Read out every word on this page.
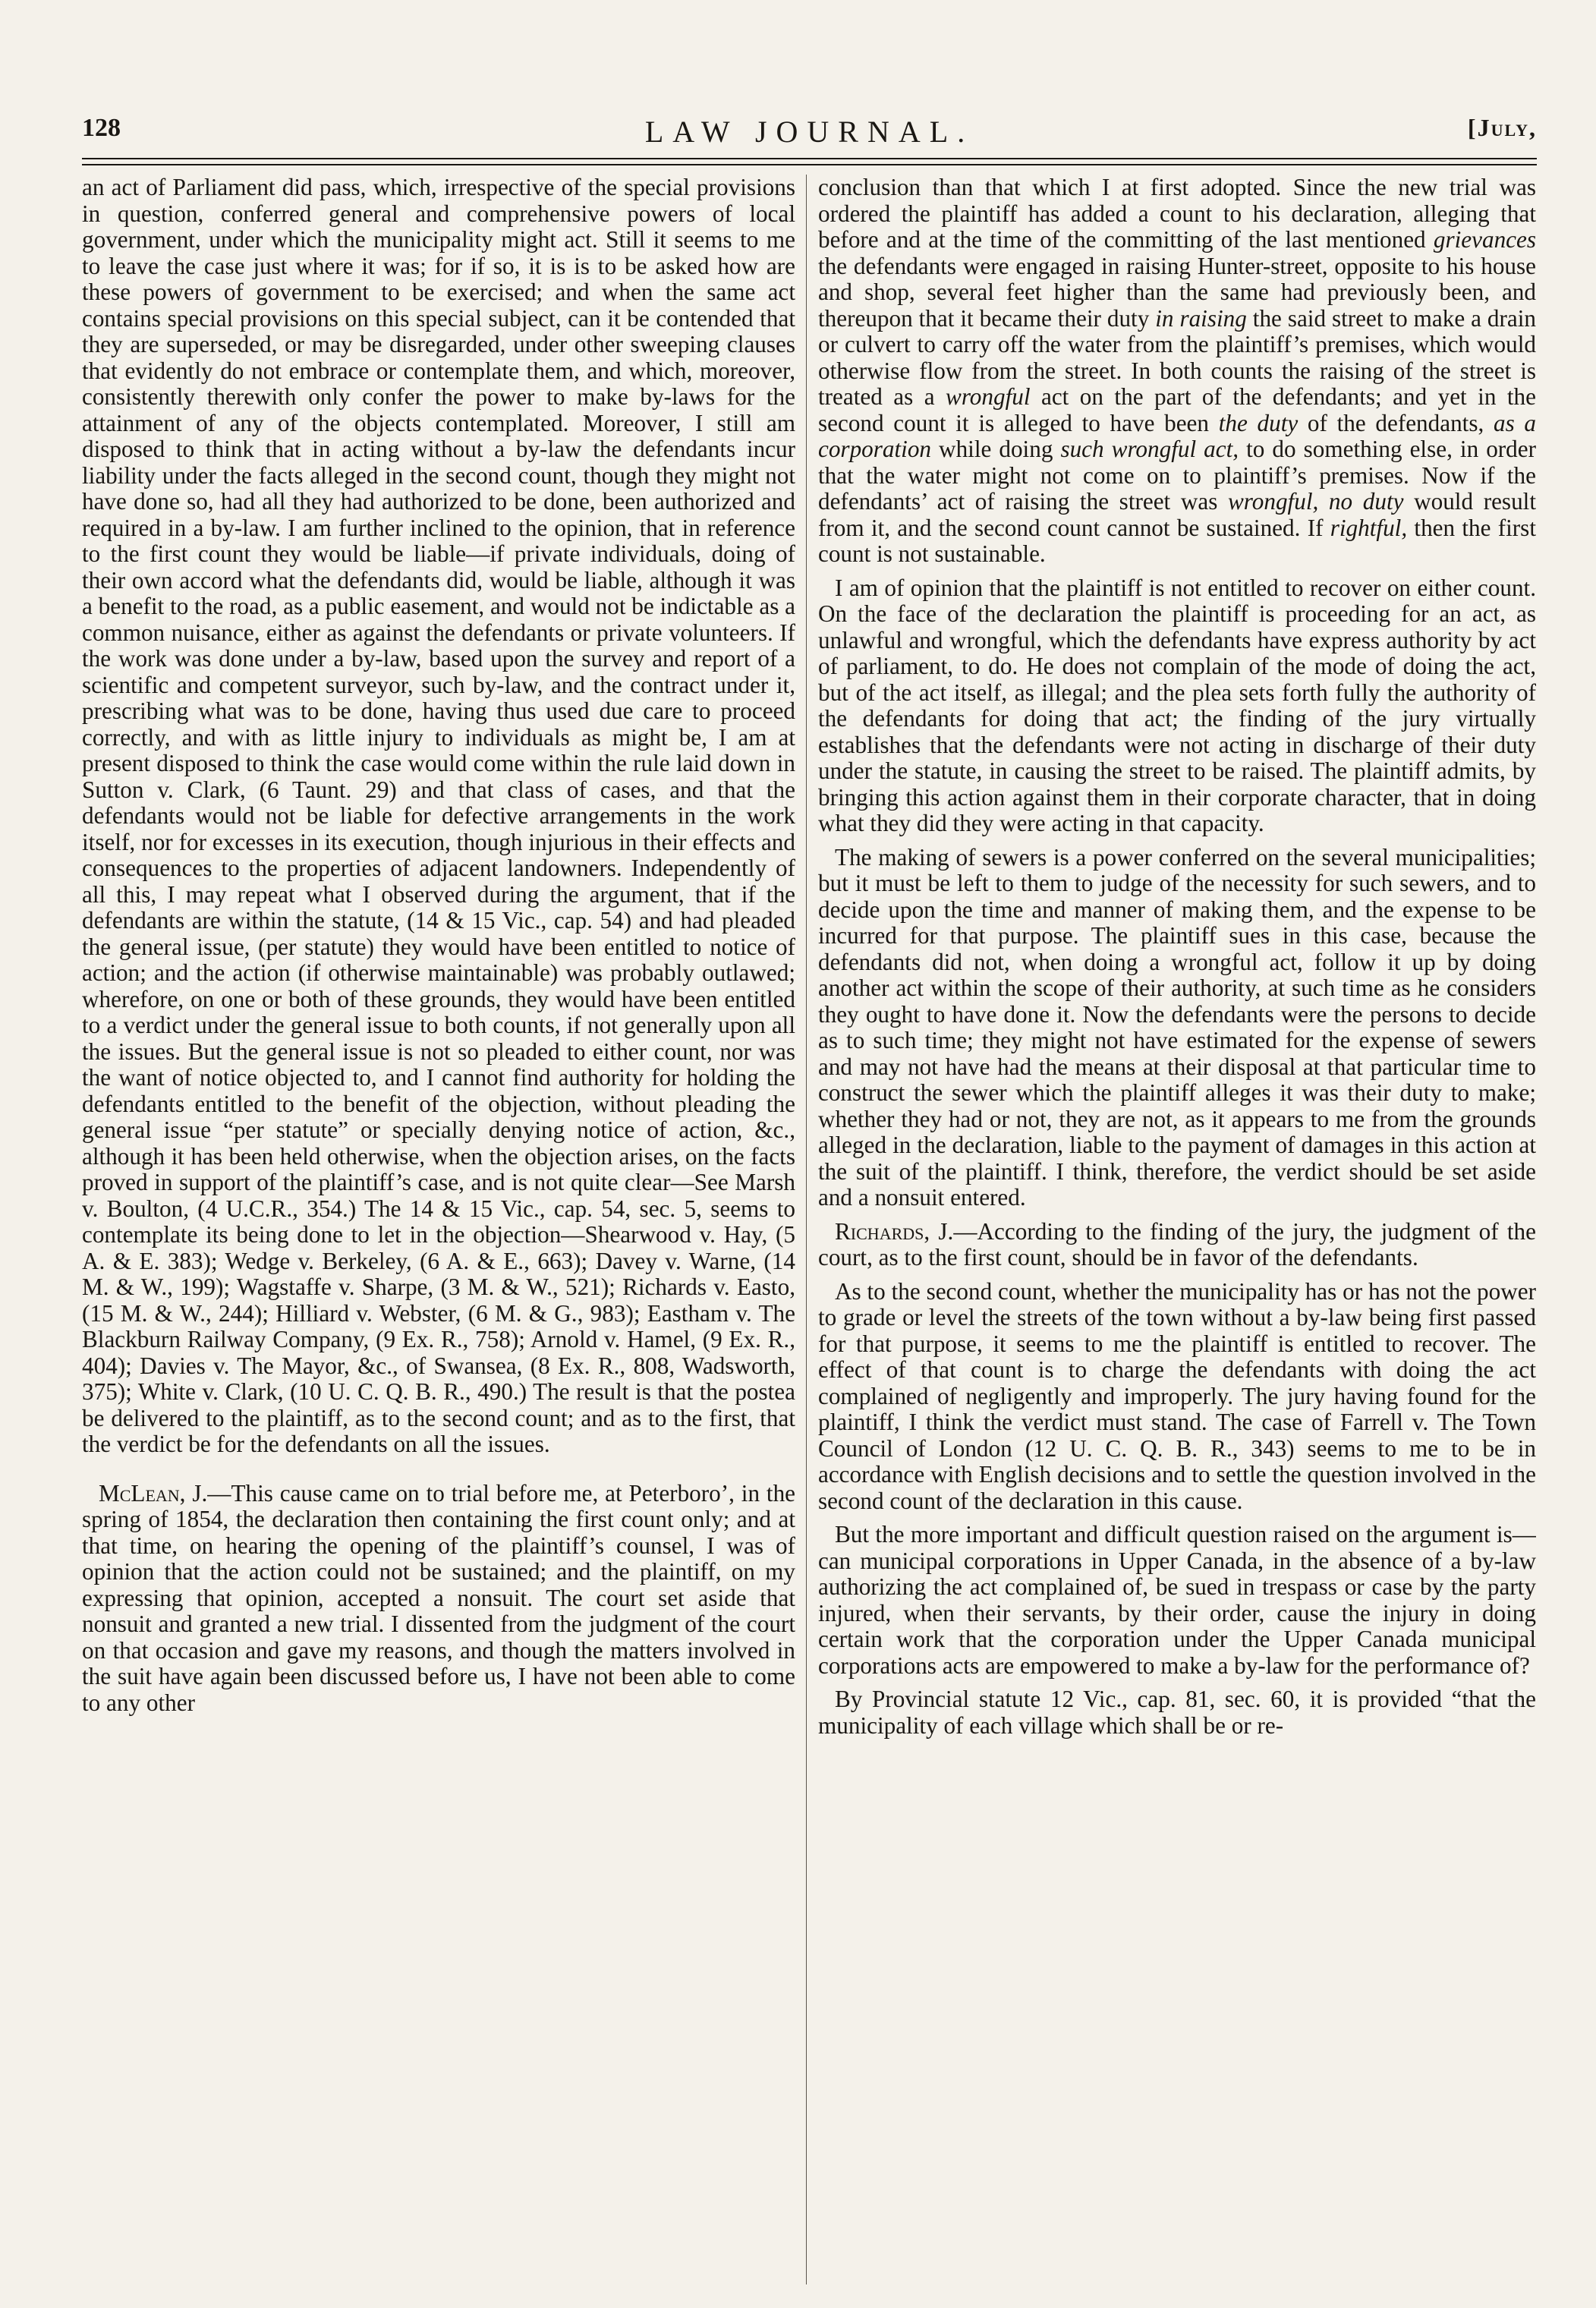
128	LAW JOURNAL.	[July,

an act of Parliament did pass, which, irrespective of the special provisions in question, conferred general and comprehensive powers of local government, under which the municipality might act. Still it seems to me to leave the case just where it was; for if so, it is is to be asked how are these powers of government to be exercised; and when the same act contains special provisions on this special subject, can it be contended that they are superseded, or may be disregarded, under other sweeping clauses that evidently do not embrace or contemplate them, and which, moreover, consistently therewith only confer the power to make by-laws for the attainment of any of the objects contemplated. Moreover, I still am disposed to think that in acting without a by-law the defendants incur liability under the facts alleged in the second count, though they might not have done so, had all they had authorized to be done, been authorized and required in a by-law. I am further inclined to the opinion, that in reference to the first count they would be liable—if private individuals, doing of their own accord what the defendants did, would be liable, although it was a benefit to the road, as a public easement, and would not be indictable as a common nuisance, either as against the defendants or private volunteers. If the work was done under a by-law, based upon the survey and report of a scientific and competent surveyor, such by-law, and the contract under it, prescribing what was to be done, having thus used due care to proceed correctly, and with as little injury to individuals as might be, I am at present disposed to think the case would come within the rule laid down in Sutton v. Clark, (6 Taunt. 29) and that class of cases, and that the defendants would not be liable for defective arrangements in the work itself, nor for excesses in its execution, though injurious in their effects and consequences to the properties of adjacent landowners. Independently of all this, I may repeat what I observed during the argument, that if the defendants are within the statute, (14 & 15 Vic., cap. 54) and had pleaded the general issue, (per statute) they would have been entitled to notice of action; and the action (if otherwise maintainable) was probably outlawed; wherefore, on one or both of these grounds, they would have been entitled to a verdict under the general issue to both counts, if not generally upon all the issues. But the general issue is not so pleaded to either count, nor was the want of notice objected to, and I cannot find authority for holding the defendants entitled to the benefit of the objection, without pleading the general issue “per statute” or specially denying notice of action, &c., although it has been held otherwise, when the objection arises, on the facts proved in support of the plaintiff’s case, and is not quite clear—See Marsh v. Boulton, (4 U.C.R., 354.) The 14 & 15 Vic., cap. 54, sec. 5, seems to contemplate its being done to let in the objection—Shearwood v. Hay, (5 A. & E. 383); Wedge v. Berkeley, (6 A. & E., 663); Davey v. Warne, (14 M. & W., 199); Wagstaffe v. Sharpe, (3 M. & W., 521); Richards v. Easto, (15 M. & W., 244); Hilliard v. Webster, (6 M. & G., 983); Eastham v. The Blackburn Railway Company, (9 Ex. R., 758); Arnold v. Hamel, (9 Ex. R., 404); Davies v. The Mayor, &c., of Swansea, (8 Ex. R., 808, Wadsworth, 375); White v. Clark, (10 U. C. Q. B. R., 490.) The result is that the postea be delivered to the plaintiff, as to the second count; and as to the first, that the verdict be for the defendants on all the issues.

McLean, J.—This cause came on to trial before me, at Peterboro’, in the spring of 1854, the declaration then containing the first count only; and at that time, on hearing the opening of the plaintiff’s counsel, I was of opinion that the action could not be sustained; and the plaintiff, on my expressing that opinion, accepted a nonsuit. The court set aside that nonsuit and granted a new trial. I dissented from the judgment of the court on that occasion and gave my reasons, and though the matters involved in the suit have again been discussed before us, I have not been able to come to any other

conclusion than that which I at first adopted. Since the new trial was ordered the plaintiff has added a count to his declaration, alleging that before and at the time of the committing of the last mentioned grievances the defendants were engaged in raising Hunter-street, opposite to his house and shop, several feet higher than the same had previously been, and thereupon that it became their duty in raising the said street to make a drain or culvert to carry off the water from the plaintiff’s premises, which would otherwise flow from the street. In both counts the raising of the street is treated as a wrongful act on the part of the defendants; and yet in the second count it is alleged to have been the duty of the defendants, as a corporation while doing such wrongful act, to do something else, in order that the water might not come on to plaintiff’s premises. Now if the defendants’ act of raising the street was wrongful, no duty would result from it, and the second count cannot be sustained. If rightful, then the first count is not sustainable.

I am of opinion that the plaintiff is not entitled to recover on either count. On the face of the declaration the plaintiff is proceeding for an act, as unlawful and wrongful, which the defendants have express authority by act of parliament, to do. He does not complain of the mode of doing the act, but of the act itself, as illegal; and the plea sets forth fully the authority of the defendants for doing that act; the finding of the jury virtually establishes that the defendants were not acting in discharge of their duty under the statute, in causing the street to be raised. The plaintiff admits, by bringing this action against them in their corporate character, that in doing what they did they were acting in that capacity.

The making of sewers is a power conferred on the several municipalities; but it must be left to them to judge of the necessity for such sewers, and to decide upon the time and manner of making them, and the expense to be incurred for that purpose. The plaintiff sues in this case, because the defendants did not, when doing a wrongful act, follow it up by doing another act within the scope of their authority, at such time as he considers they ought to have done it. Now the defendants were the persons to decide as to such time; they might not have estimated for the expense of sewers and may not have had the means at their disposal at that particular time to construct the sewer which the plaintiff alleges it was their duty to make; whether they had or not, they are not, as it appears to me from the grounds alleged in the declaration, liable to the payment of damages in this action at the suit of the plaintiff. I think, therefore, the verdict should be set aside and a nonsuit entered.

Richards, J.—According to the finding of the jury, the judgment of the court, as to the first count, should be in favor of the defendants.

As to the second count, whether the municipality has or has not the power to grade or level the streets of the town without a by-law being first passed for that purpose, it seems to me the plaintiff is entitled to recover. The effect of that count is to charge the defendants with doing the act complained of negligently and improperly. The jury having found for the plaintiff, I think the verdict must stand. The case of Farrell v. The Town Council of London (12 U. C. Q. B. R., 343) seems to me to be in accordance with English decisions and to settle the question involved in the second count of the declaration in this cause.

But the more important and difficult question raised on the argument is—can municipal corporations in Upper Canada, in the absence of a by-law authorizing the act complained of, be sued in trespass or case by the party injured, when their servants, by their order, cause the injury in doing certain work that the corporation under the Upper Canada municipal corporations acts are empowered to make a by-law for the performance of?

By Provincial statute 12 Vic., cap. 81, sec. 60, it is provided “that the municipality of each village which shall be or re-
